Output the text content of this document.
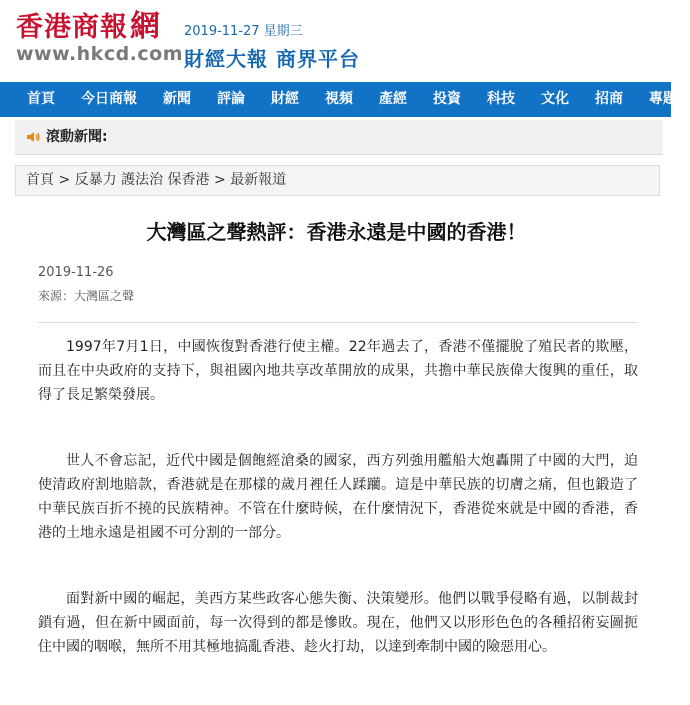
香港商報網
www.hkcd.com
2019-11-27 星期三
財經大報 商界平台
首頁 今日商報 新聞 評論 財經 視頻 產經 投資 科技 文化 招商 專題
滾動新聞:
首頁 > 反暴力 護法治 保香港 > 最新報道
大灣區之聲熱評：香港永遠是中國的香港！
2019-11-26
來源：大灣區之聲

1997年7月1日，中國恢復對香港行使主權。22年過去了，香港不僅擺脫了殖民者的欺壓，而且在中央政府的支持下，與祖國內地共享改革開放的成果，共擔中華民族偉大復興的重任，取得了長足繁榮發展。

世人不會忘記，近代中國是個飽經滄桑的國家，西方列強用艦船大炮轟開了中國的大門，迫使清政府割地賠款，香港就是在那樣的歲月裡任人蹂躪。這是中華民族的切膚之痛，但也鍛造了中華民族百折不撓的民族精神。不管在什麼時候，在什麼情況下，香港從來就是中國的香港，香港的土地永遠是祖國不可分割的一部分。

面對新中國的崛起，美西方某些政客心態失衡、決策變形。他們以戰爭侵略有過，以制裁封鎖有過，但在新中國面前，每一次得到的都是慘敗。現在，他們又以形形色色的各種招術妄圖扼住中國的咽喉，無所不用其極地搞亂香港、趁火打劫，以達到牽制中國的險惡用心。
